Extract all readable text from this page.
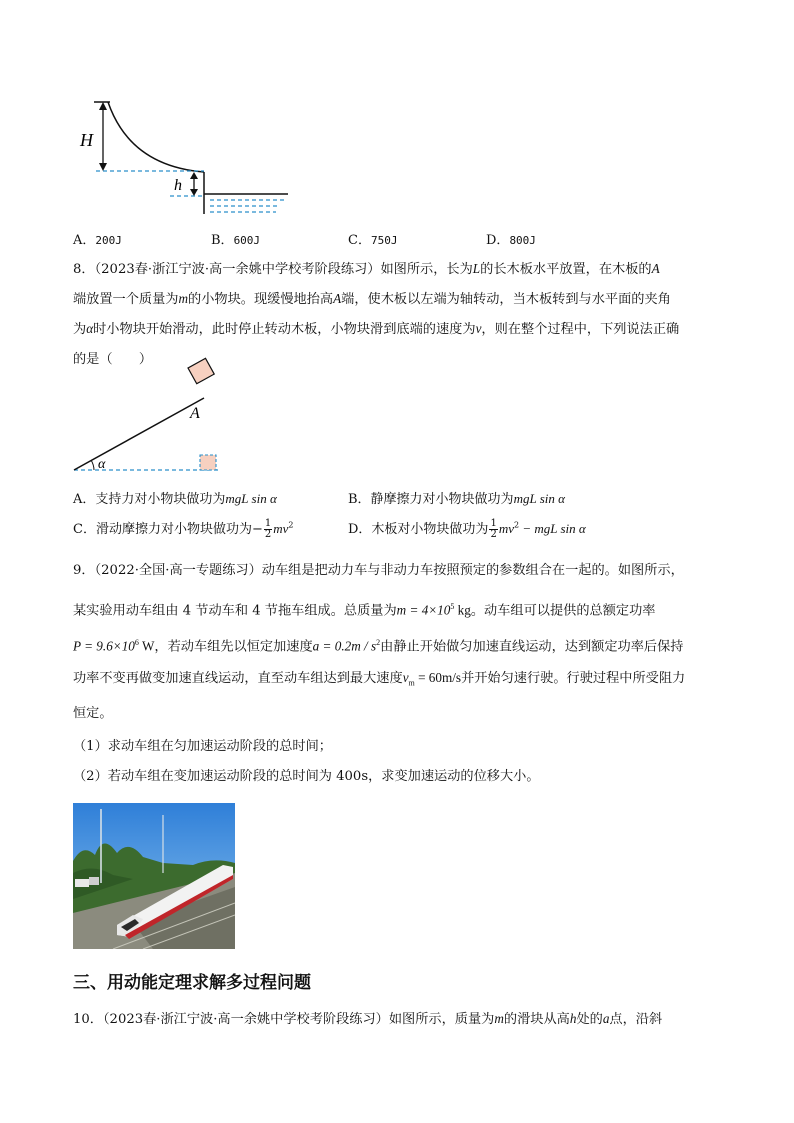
H
h
A．200J	B．600J	C．750J	D．800J
8．（2023春·浙江宁波·高一余姚中学校考阶段练习）如图所示，长为L的长木板水平放置，在木板的A
端放置一个质量为m的小物块。现缓慢地抬高A端，使木板以左端为轴转动，当木板转到与水平面的夹角
为α时小物块开始滑动，此时停止转动木板，小物块滑到底端的速度为v，则在整个过程中，下列说法正确
的是（　　）
α
A
A．支持力对小物块做功为mgL sin α	B．静摩擦力对小物块做功为mgL sin α
C．滑动摩擦力对小物块做功为− $\frac{1}{2} mv^2$	D．木板对小物块做功为 $\frac{1}{2} mv^2$ − mgL sin α
9．（2022·全国·高一专题练习）动车组是把动力车与非动力车按照预定的参数组合在一起的。如图所示，
某实验用动车组由 4 节动车和 4 节拖车组成。总质量为$m = 4\times 10^5$ kg。动车组可以提供的总额定功率
$P = 9.6\times 10^6$ W，若动车组先以恒定加速度$a = 0.2m / s^2$由静止开始做匀加速直线运动，达到额定功率后保持
功率不变再做变加速直线运动，直至动车组达到最大速度$v_m = 60m/s$并开始匀速行驶。行驶过程中所受阻力
恒定。
（1）求动车组在匀加速运动阶段的总时间；
（2）若动车组在变加速运动阶段的总时间为 400s，求变加速运动的位移大小。
三、用动能定理求解多过程问题
10．（2023春·浙江宁波·高一余姚中学校考阶段练习）如图所示，质量为m的滑块从高h处的a点，沿斜
